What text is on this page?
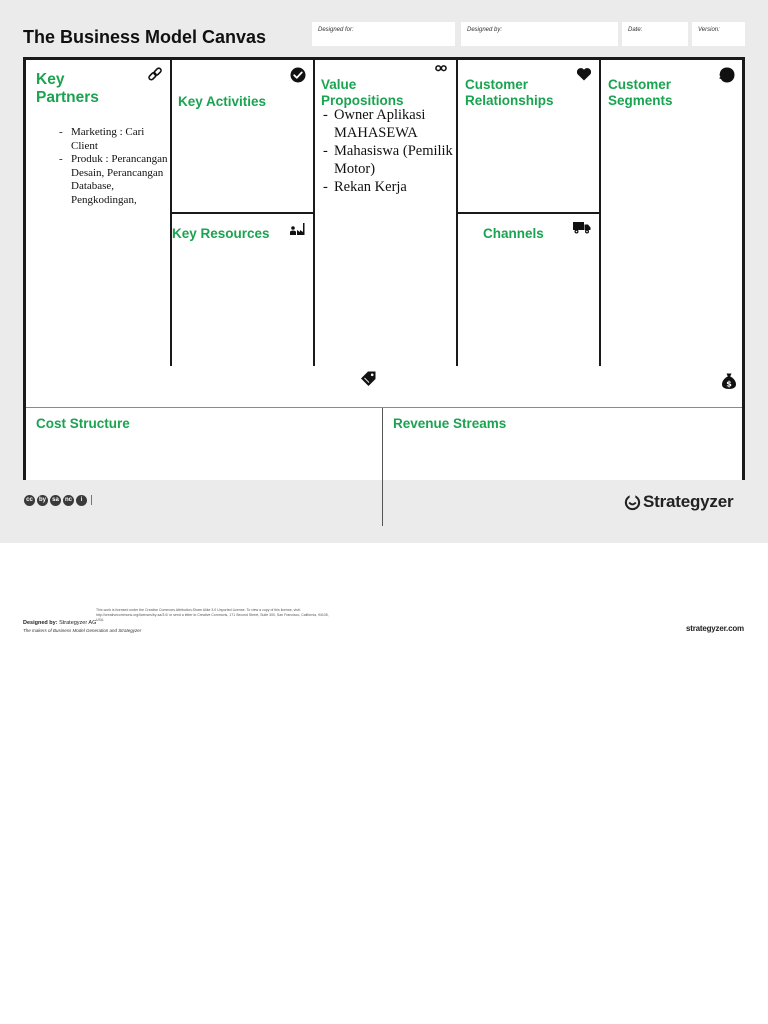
The Business Model Canvas	Designed for:	Designed by:	Date:	Version:
Key Partners
- Marketing : Cari Client
- Produk : Perancangan Desain, Perancangan Database, Pengkodingan,
Key Activities
Key Resources
Value Propositions
- Owner Aplikasi MAHASEWA
- Mahasiswa (Pemilik Motor)
- Rekan Kerja
Customer Relationships
Channels
Customer Segments
Cost Structure
$
Revenue Streams
cc	by	sa	nc	i	Strategyzer
This work is licensed under the Creative Commons Attribution-Share Alike 3.0 Unported License. To view a copy of this license, visit: http://creativecommons.org/licenses/by-sa/3.0/ or send a letter to Creative Commons, 171 Second Street, Suite 300, San Francisco, California, 94105, USA.
Designed by: Strategyzer AG
The makers of Business Model Generation and Strategyzer	strategyzer.com
